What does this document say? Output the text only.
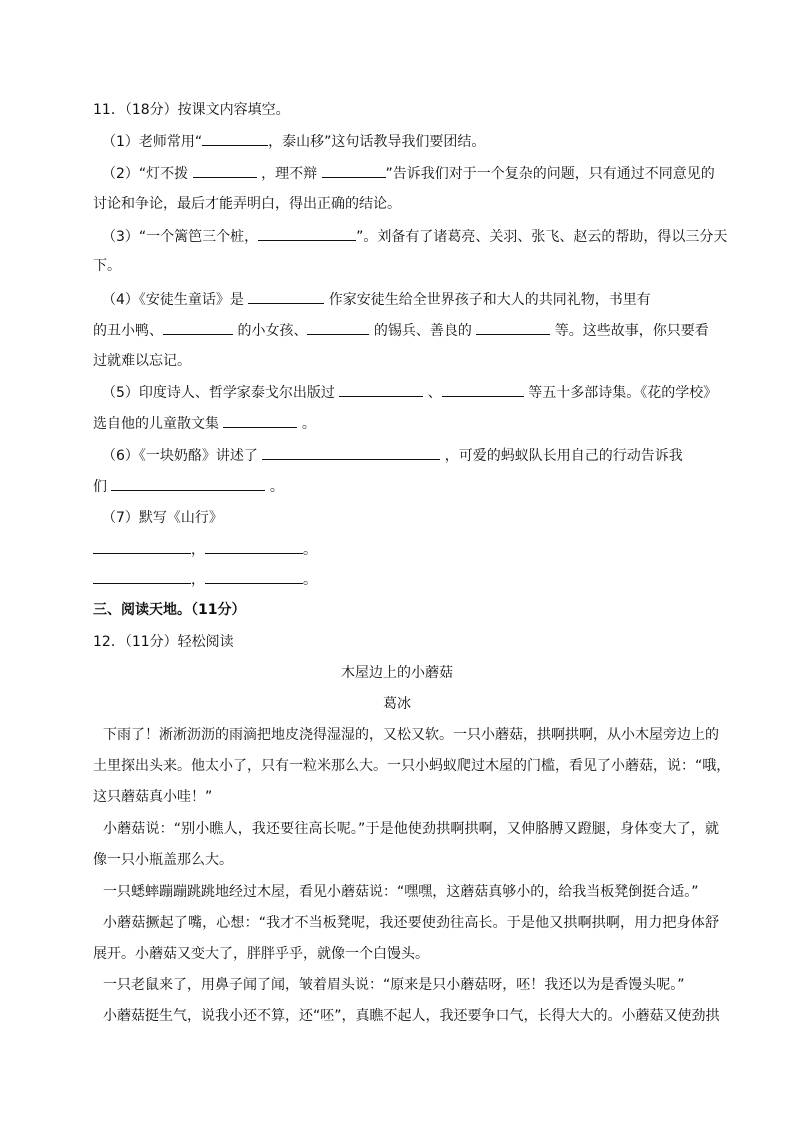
11．（18分）按课文内容填空。
（1）老师常用“	，泰山移”这句话教导我们要团结。
（2）“灯不拨	，理不辩	”告诉我们对于一个复杂的问题，只有通过不同意见的
讨论和争论，最后才能弄明白，得出正确的结论。
（3）“一个篱笆三个桩，	”。刘备有了诸葛亮、关羽、张飞、赵云的帮助，得以三分天
下。
（4）《安徒生童话》是	作家安徒生给全世界孩子和大人的共同礼物，书里有
的丑小鸭、	的小女孩、	的锡兵、善良的	等。这些故事，你只要看
过就难以忘记。
（5）印度诗人、哲学家泰戈尔出版过	、	等五十多部诗集。《花的学校》
选自他的儿童散文集	。
（6）《一块奶酪》讲述了	，可爱的蚂蚁队长用自己的行动告诉我
们	。
（7）默写《山行》
，	。
，	。
三、阅读天地。（11分）
12．（11分）轻松阅读
木屋边上的小蘑菇
葛冰
下雨了！淅淅沥沥的雨滴把地皮浇得湿湿的，又松又软。一只小蘑菇，拱啊拱啊，从小木屋旁边上的
土里探出头来。他太小了，只有一粒米那么大。一只小蚂蚁爬过木屋的门槛，看见了小蘑菇，说：“哦，
这只蘑菇真小哇！”
小蘑菇说：“别小瞧人，我还要往高长呢。”于是他使劲拱啊拱啊，又伸胳膊又蹬腿，身体变大了，就
像一只小瓶盖那么大。
一只蟋蟀蹦蹦跳跳地经过木屋，看见小蘑菇说：“嘿嘿，这蘑菇真够小的，给我当板凳倒挺合适。”
小蘑菇撅起了嘴，心想：“我才不当板凳呢，我还要使劲往高长。于是他又拱啊拱啊，用力把身体舒
展开。小蘑菇又变大了，胖胖乎乎，就像一个白馒头。
一只老鼠来了，用鼻子闻了闻，皱着眉头说：“原来是只小蘑菇呀，呸！我还以为是香馒头呢。”
小蘑菇挺生气，说我小还不算，还“呸”，真瞧不起人，我还要争口气，长得大大的。小蘑菇又使劲拱
